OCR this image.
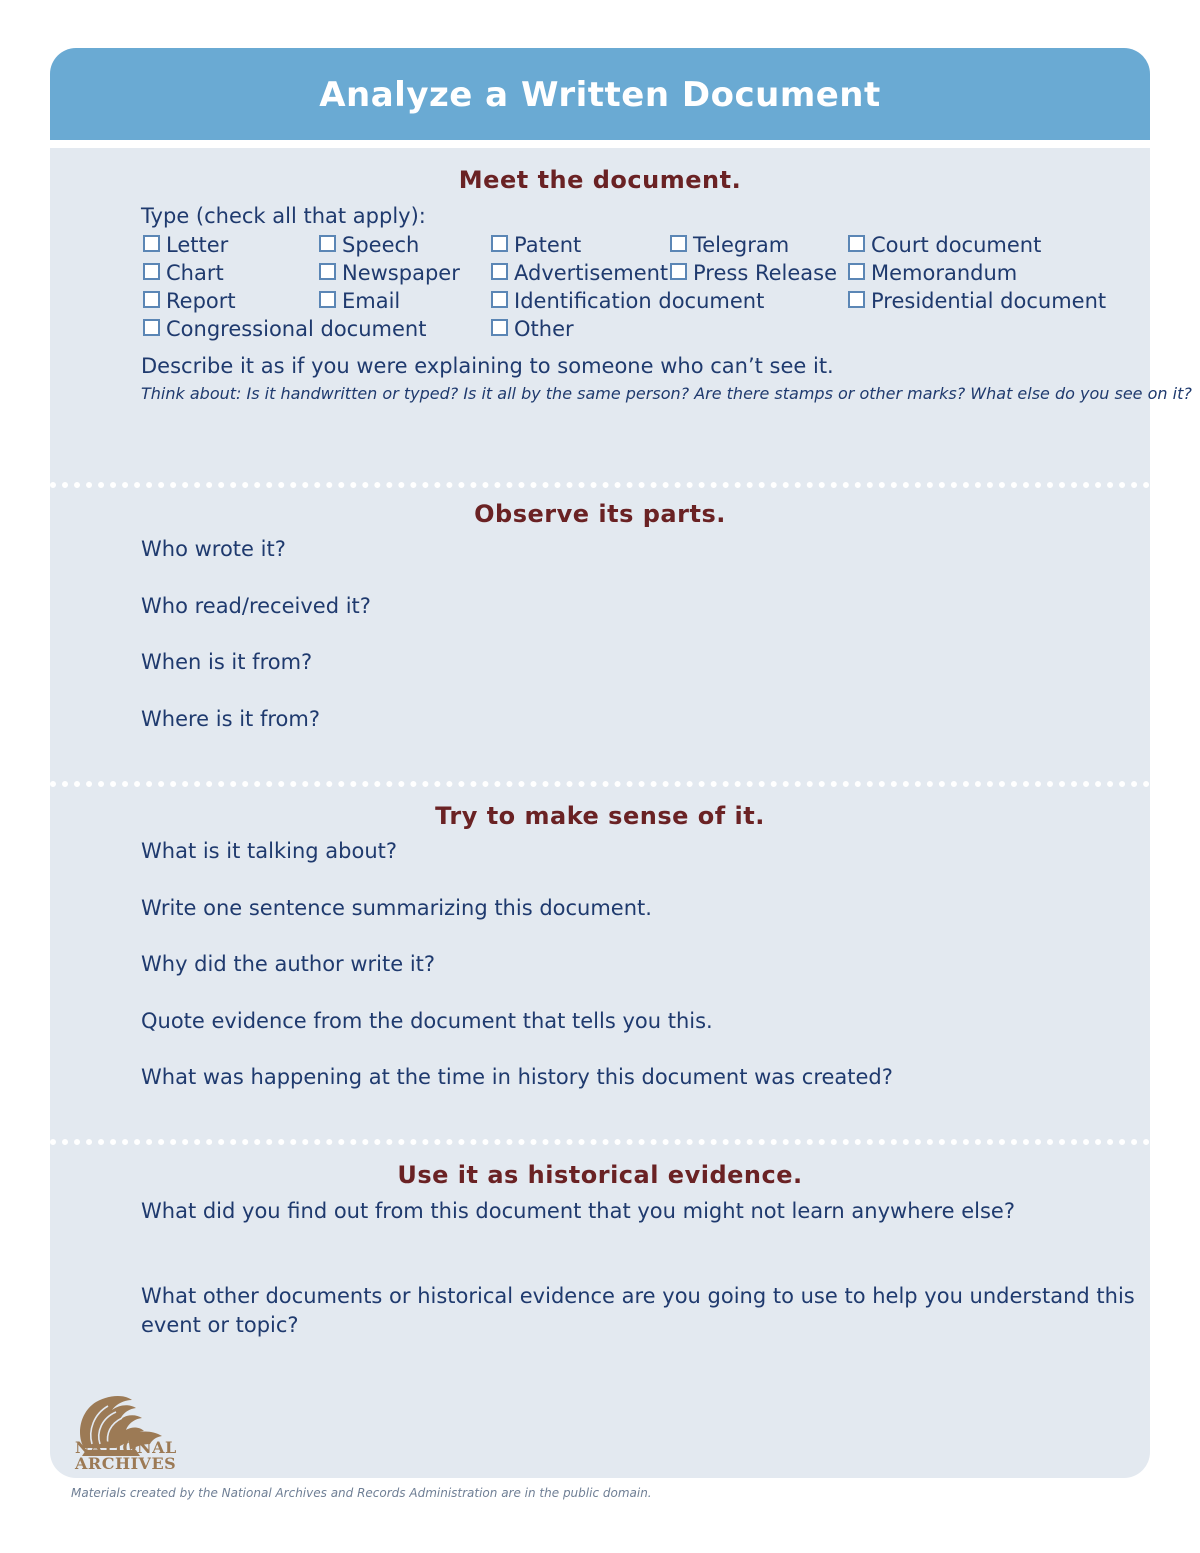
Analyze a Written Document
Meet the document.

Type (check all that apply):

Letter	Speech	Patent	Telegram	Court document
Chart	Newspaper	Advertisement	Press Release	Memorandum
Report	Email	Identification document	Presidential document
Congressional document	Other

Describe it as if you were explaining to someone who can’t see it.

Think about: Is it handwritten or typed? Is it all by the same person? Are there stamps or other marks? What else do you see on it?

Observe its parts.

Who wrote it?

Who read/received it?

When is it from?

Where is it from?

Try to make sense of it.

What is it talking about?

Write one sentence summarizing this document.

Why did the author write it?

Quote evidence from the document that tells you this.

What was happening at the time in history this document was created?

Use it as historical evidence.

What did you find out from this document that you might not learn anywhere else?

What other documents or historical evidence are you going to use to help you understand this

event or topic?

NATIONAL
ARCHIVES
Materials created by the National Archives and Records Administration are in the public domain.
